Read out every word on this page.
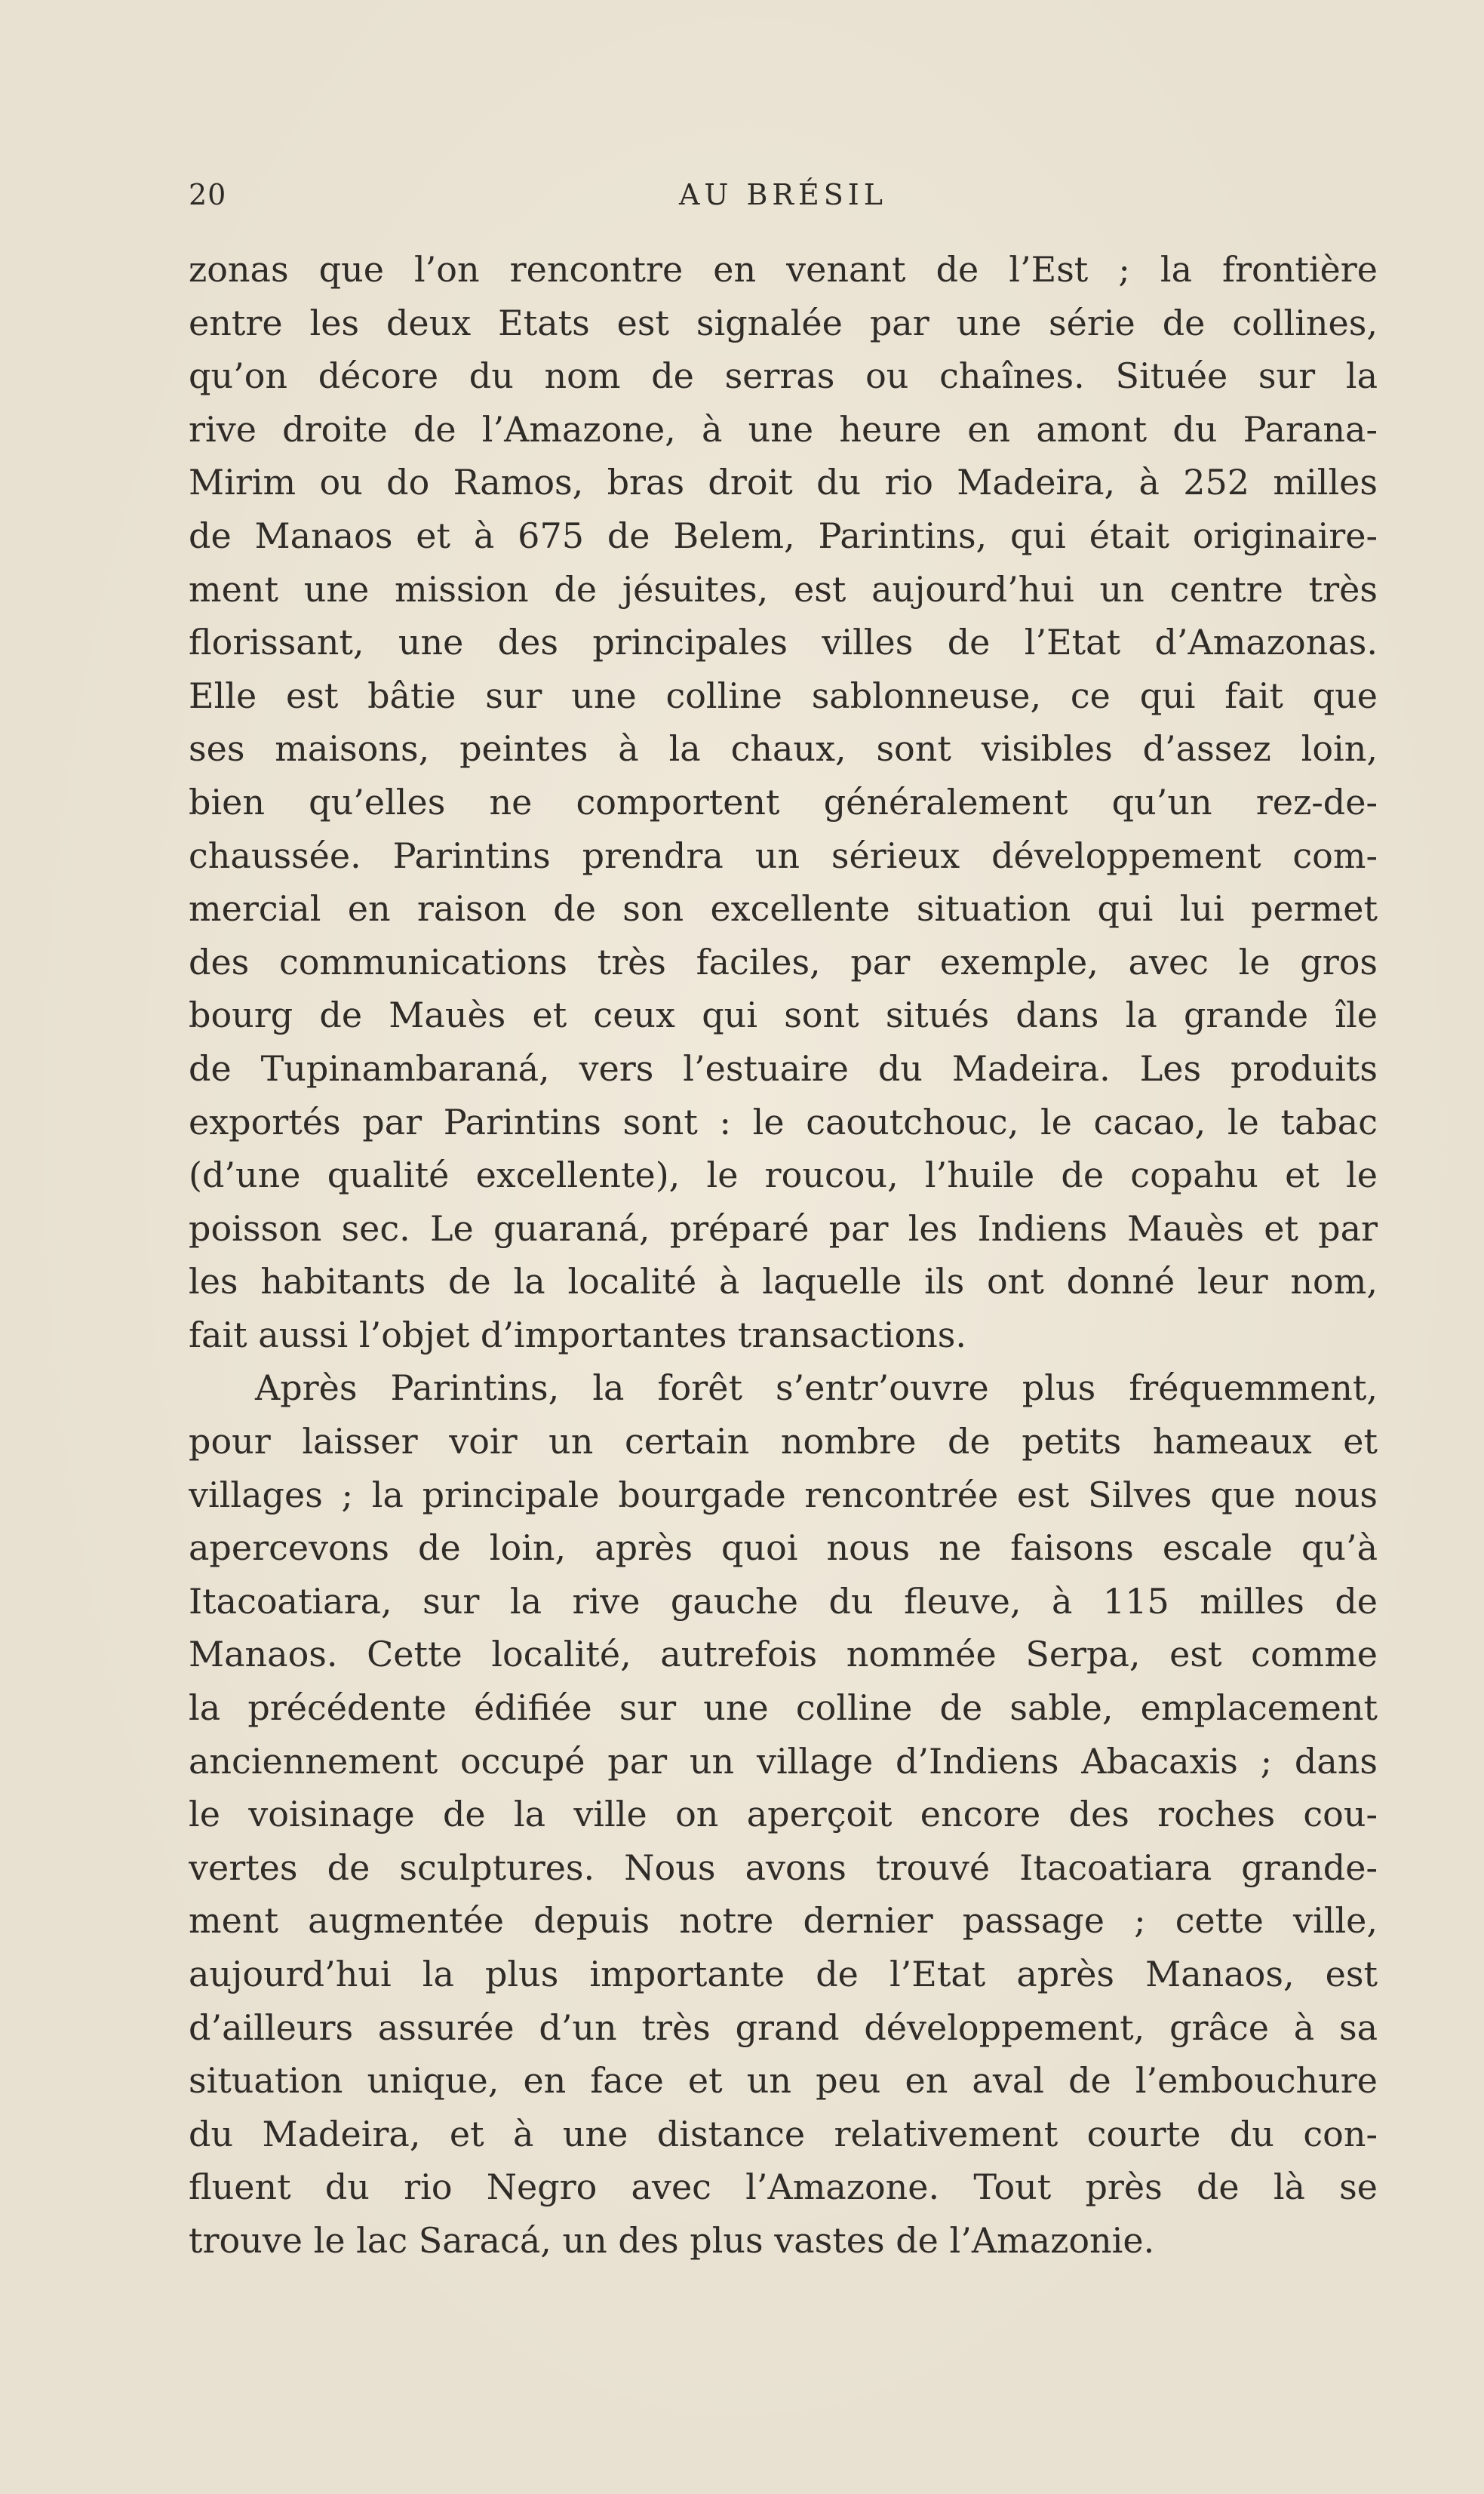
20	AU BRÉSIL
zonas que l’on rencontre en venant de l’Est ; la frontière
entre les deux Etats est signalée par une série de collines,
qu’on décore du nom de serras ou chaînes. Située sur la
rive droite de l’Amazone, à une heure en amont du Parana-
Mirim ou do Ramos, bras droit du rio Madeira, à 252 milles
de Manaos et à 675 de Belem, Parintins, qui était originaire-
ment une mission de jésuites, est aujourd’hui un centre très
florissant, une des principales villes de l’Etat d’Amazonas.
Elle est bâtie sur une colline sablonneuse, ce qui fait que
ses maisons, peintes à la chaux, sont visibles d’assez loin,
bien qu’elles ne comportent généralement qu’un rez-de-
chaussée. Parintins prendra un sérieux développement com-
mercial en raison de son excellente situation qui lui permet
des communications très faciles, par exemple, avec le gros
bourg de Mauès et ceux qui sont situés dans la grande île
de Tupinambaraná, vers l’estuaire du Madeira. Les produits
exportés par Parintins sont : le caoutchouc, le cacao, le tabac
(d’une qualité excellente), le roucou, l’huile de copahu et le
poisson sec. Le guaraná, préparé par les Indiens Mauès et par
les habitants de la localité à laquelle ils ont donné leur nom,
fait aussi l’objet d’importantes transactions.
Après Parintins, la forêt s’entr’ouvre plus fréquemment,
pour laisser voir un certain nombre de petits hameaux et
villages ; la principale bourgade rencontrée est Silves que nous
apercevons de loin, après quoi nous ne faisons escale qu’à
Itacoatiara, sur la rive gauche du fleuve, à 115 milles de
Manaos. Cette localité, autrefois nommée Serpa, est comme
la précédente édifiée sur une colline de sable, emplacement
anciennement occupé par un village d’Indiens Abacaxis ; dans
le voisinage de la ville on aperçoit encore des roches cou-
vertes de sculptures. Nous avons trouvé Itacoatiara grande-
ment augmentée depuis notre dernier passage ; cette ville,
aujourd’hui la plus importante de l’Etat après Manaos, est
d’ailleurs assurée d’un très grand développement, grâce à sa
situation unique, en face et un peu en aval de l’embouchure
du Madeira, et à une distance relativement courte du con-
fluent du rio Negro avec l’Amazone. Tout près de là se
trouve le lac Saracá, un des plus vastes de l’Amazonie.
